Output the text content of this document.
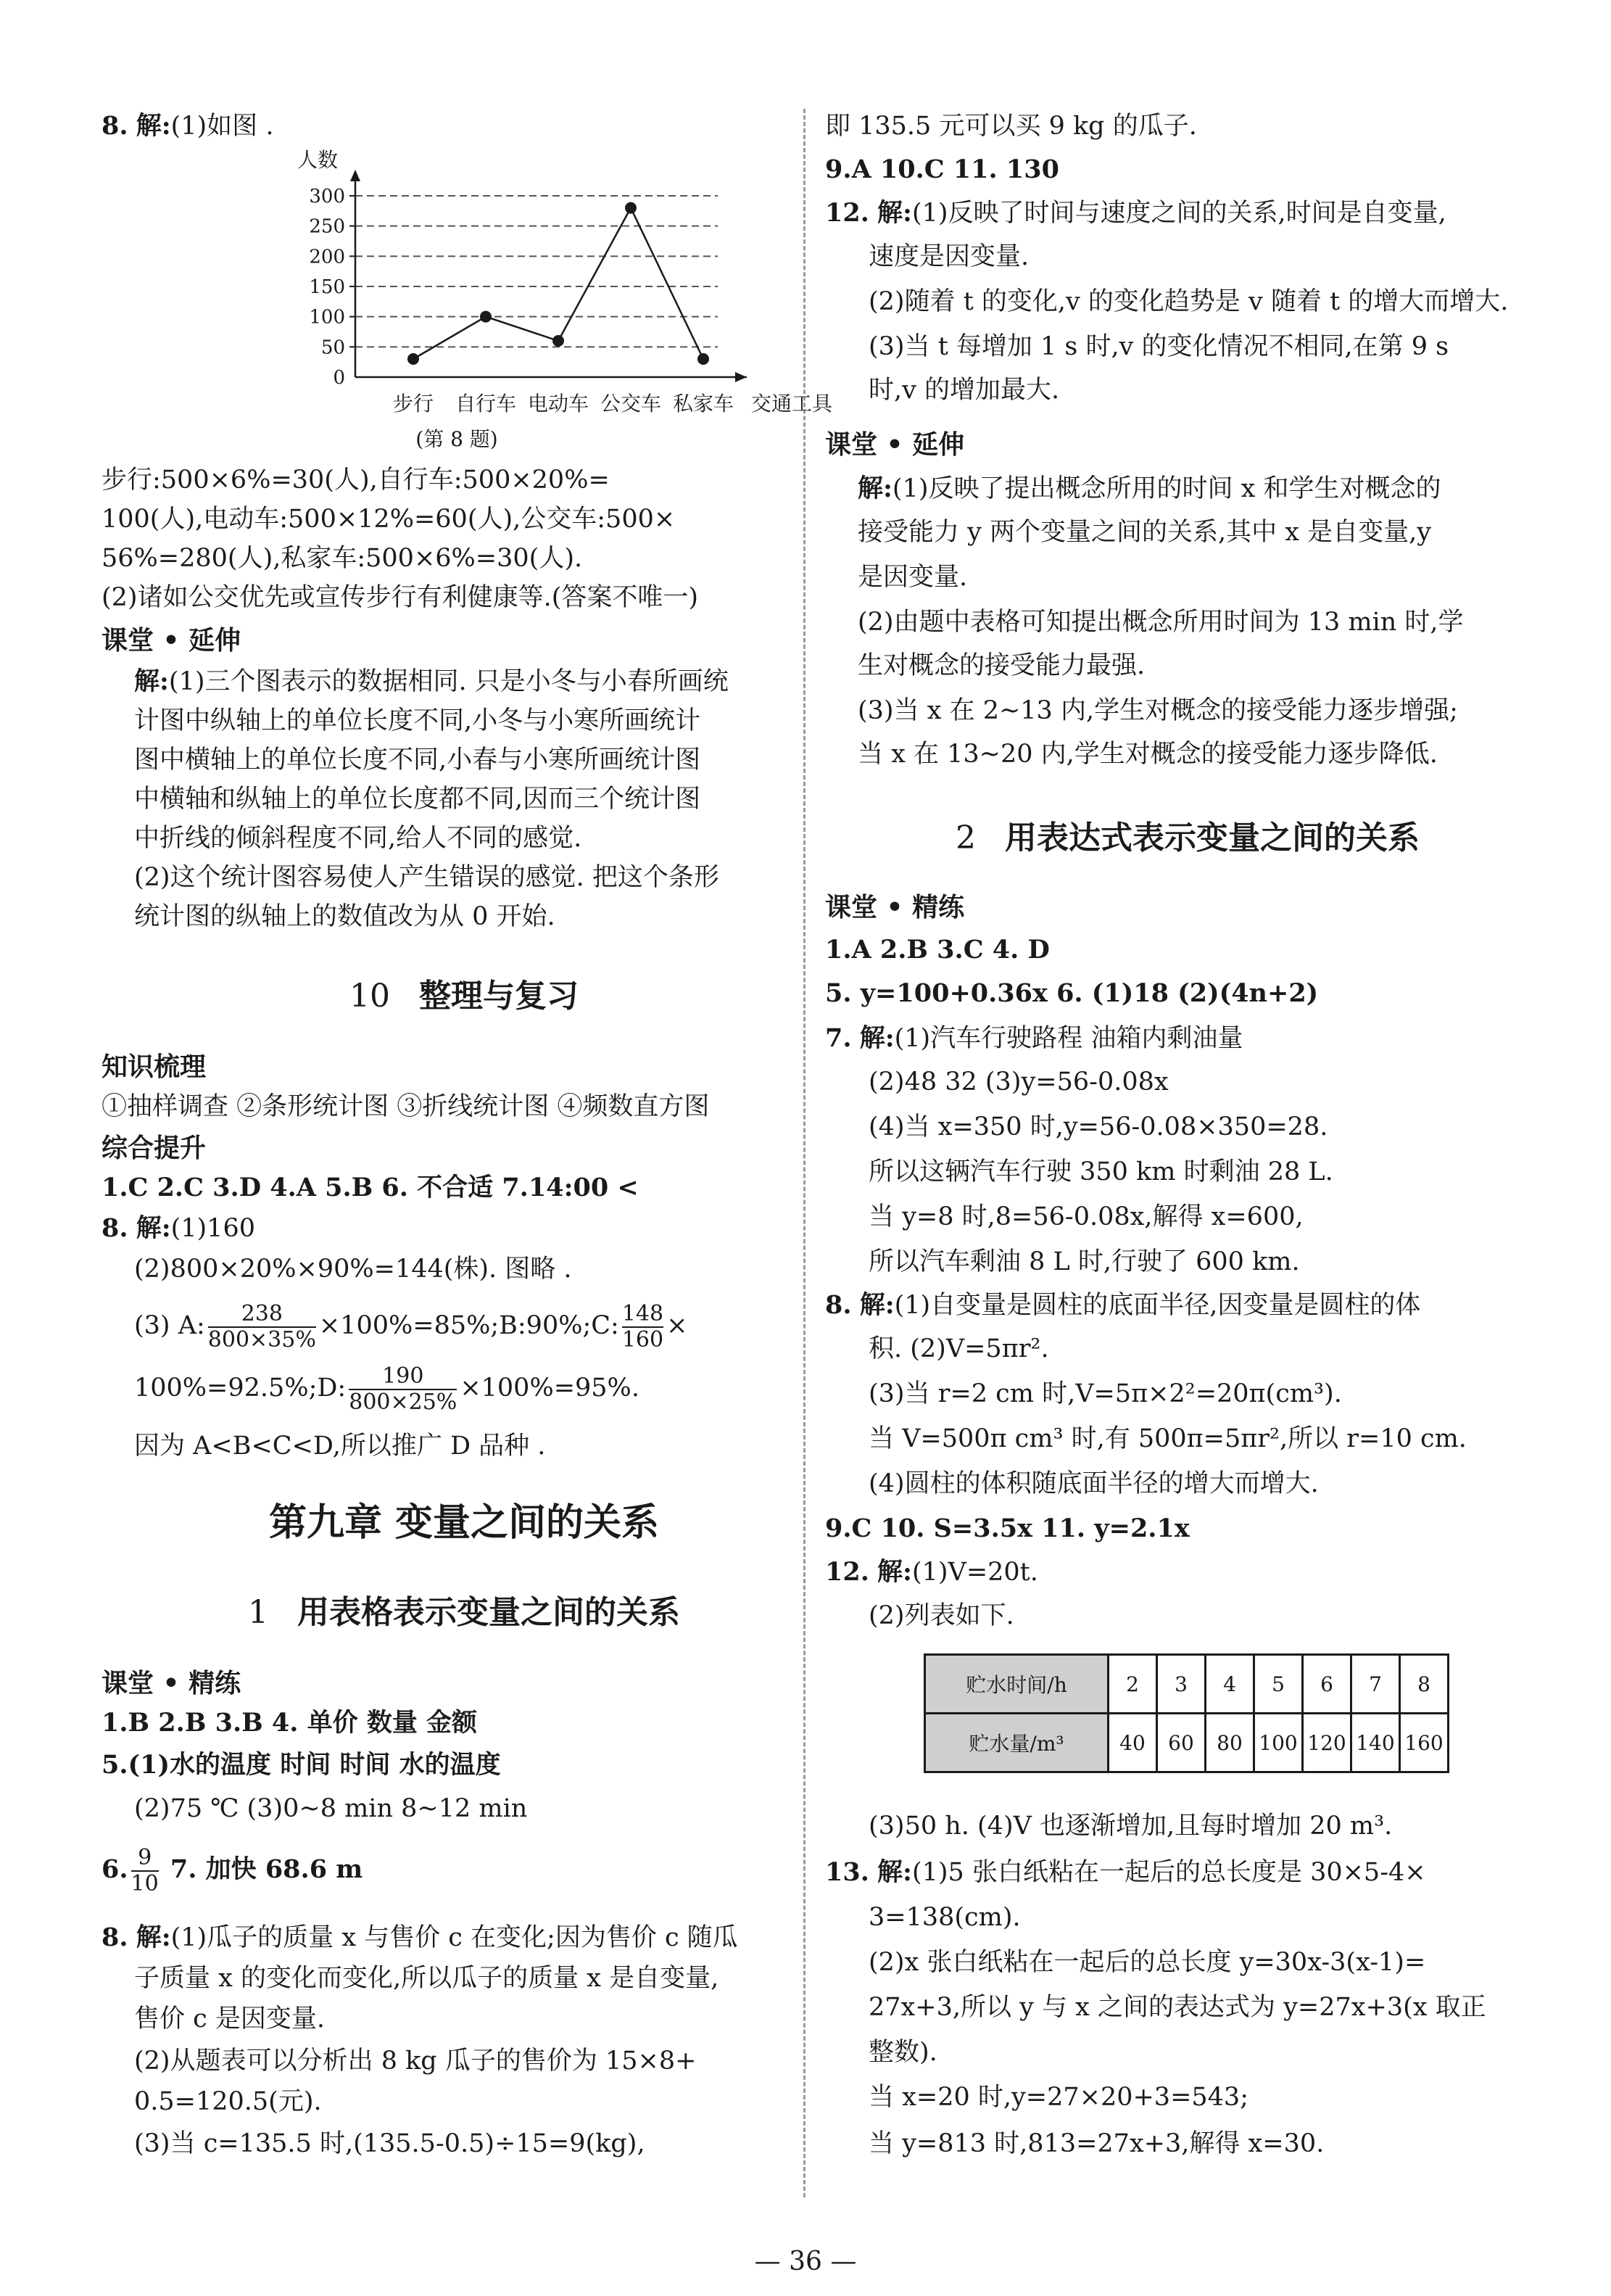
8. 解:(1)如图 .
0
50
100
150
200
250
300
人数
交通工具
步行 自行车 电动车 公交车 私家车
(第 8 题)
步行:500×6%=30(人),自行车:500×20%=
100(人),电动车:500×12%=60(人),公交车:500×
56%=280(人),私家车:500×6%=30(人).
(2)诸如公交优先或宣传步行有利健康等.(答案不唯一)
课堂 • 延伸
解:(1)三个图表示的数据相同. 只是小冬与小春所画统
计图中纵轴上的单位长度不同,小冬与小寒所画统计
图中横轴上的单位长度不同,小春与小寒所画统计图
中横轴和纵轴上的单位长度都不同,因而三个统计图
中折线的倾斜程度不同,给人不同的感觉.
(2)这个统计图容易使人产生错误的感觉. 把这个条形
统计图的纵轴上的数值改为从 0 开始.
10 整理与复习
知识梳理
①抽样调查 ②条形统计图 ③折线统计图 ④频数直方图
综合提升
1.C 2.C 3.D 4.A 5.B 6. 不合适 7.14:00 <
8. 解:(1)160
(2)800×20%×90%=144(株). 图略 .
(3) A: $\frac{238}{800\times 35\%}$ ×100%=85%;B:90%;C: $\frac{148}{160}$ ×
100%=92.5%;D: $\frac{190}{800\times 25\%} \times 100\%=95\%$.
因为 A<B<C<D,所以推广 D 品种 .
第九章 变量之间的关系
1 用表格表示变量之间的关系
课堂 • 精练
1.B 2.B 3.B 4. 单价 数量 金额
5.(1)水的温度 时间 时间 水的温度
(2)75 ℃ (3)0~8 min 8~12 min
6. $\frac{9}{10} 7$. 加快 68.6 m
8. 解:(1)瓜子的质量 x 与售价 c 在变化;因为售价 c 随瓜
子质量 x 的变化而变化,所以瓜子的质量 x 是自变量,
售价 c 是因变量.
(2)从题表可以分析出 8 kg 瓜子的售价为 15×8+
0.5=120.5(元).
(3)当 c=135.5 时,(135.5-0.5)÷15=9(kg),
即 135.5 元可以买 9 kg 的瓜子.
9.A 10.C 11. 130
12. 解:(1)反映了时间与速度之间的关系,时间是自变量,
速度是因变量.
(2)随着 t 的变化,v 的变化趋势是 v 随着 t 的增大而增大.
(3)当 t 每增加 1 s 时,v 的变化情况不相同,在第 9 s
时,v 的增加最大.
课堂 • 延伸
解:(1)反映了提出概念所用的时间 x 和学生对概念的
接受能力 y 两个变量之间的关系,其中 x 是自变量,y
是因变量.
(2)由题中表格可知提出概念所用时间为 13 min 时,学
生对概念的接受能力最强.
(3)当 x 在 2~13 内,学生对概念的接受能力逐步增强;
当 x 在 13~20 内,学生对概念的接受能力逐步降低.
2 用表达式表示变量之间的关系
课堂 • 精练
1.A 2.B 3.C 4. D
5. y=100+0.36x 6. (1)18 (2)(4n+2)
7. 解:(1)汽车行驶路程 油箱内剩油量
(2)48 32 (3)y=56-0.08x
(4)当 x=350 时,y=56-0.08×350=28.
所以这辆汽车行驶 350 km 时剩油 28 L.
当 y=8 时,8=56-0.08x,解得 x=600,
所以汽车剩油 8 L 时,行驶了 600 km.
8. 解:(1)自变量是圆柱的底面半径,因变量是圆柱的体
积. (2)V=5πr².
(3)当 r=2 cm 时,V=5π×2²=20π(cm³).
当 V=500π cm³ 时,有 500π=5πr²,所以 r=10 cm.
(4)圆柱的体积随底面半径的增大而增大.
9.C 10. S=3.5x 11. y=2.1x
12. 解:(1)V=20t.
(2)列表如下.
贮水时间/h	2	3	4	5	6	7	8
贮水量/m³	40	60	80	100	120	140	160
(3)50 h. (4)V 也逐渐增加,且每时增加 20 m³.
13. 解:(1)5 张白纸粘在一起后的总长度是 30×5-4×
3=138(cm).
(2)x 张白纸粘在一起后的总长度 y=30x-3(x-1)=
27x+3,所以 y 与 x 之间的表达式为 y=27x+3(x 取正
整数).
当 x=20 时,y=27×20+3=543;
当 y=813 时,813=27x+3,解得 x=30.
— 36 —
